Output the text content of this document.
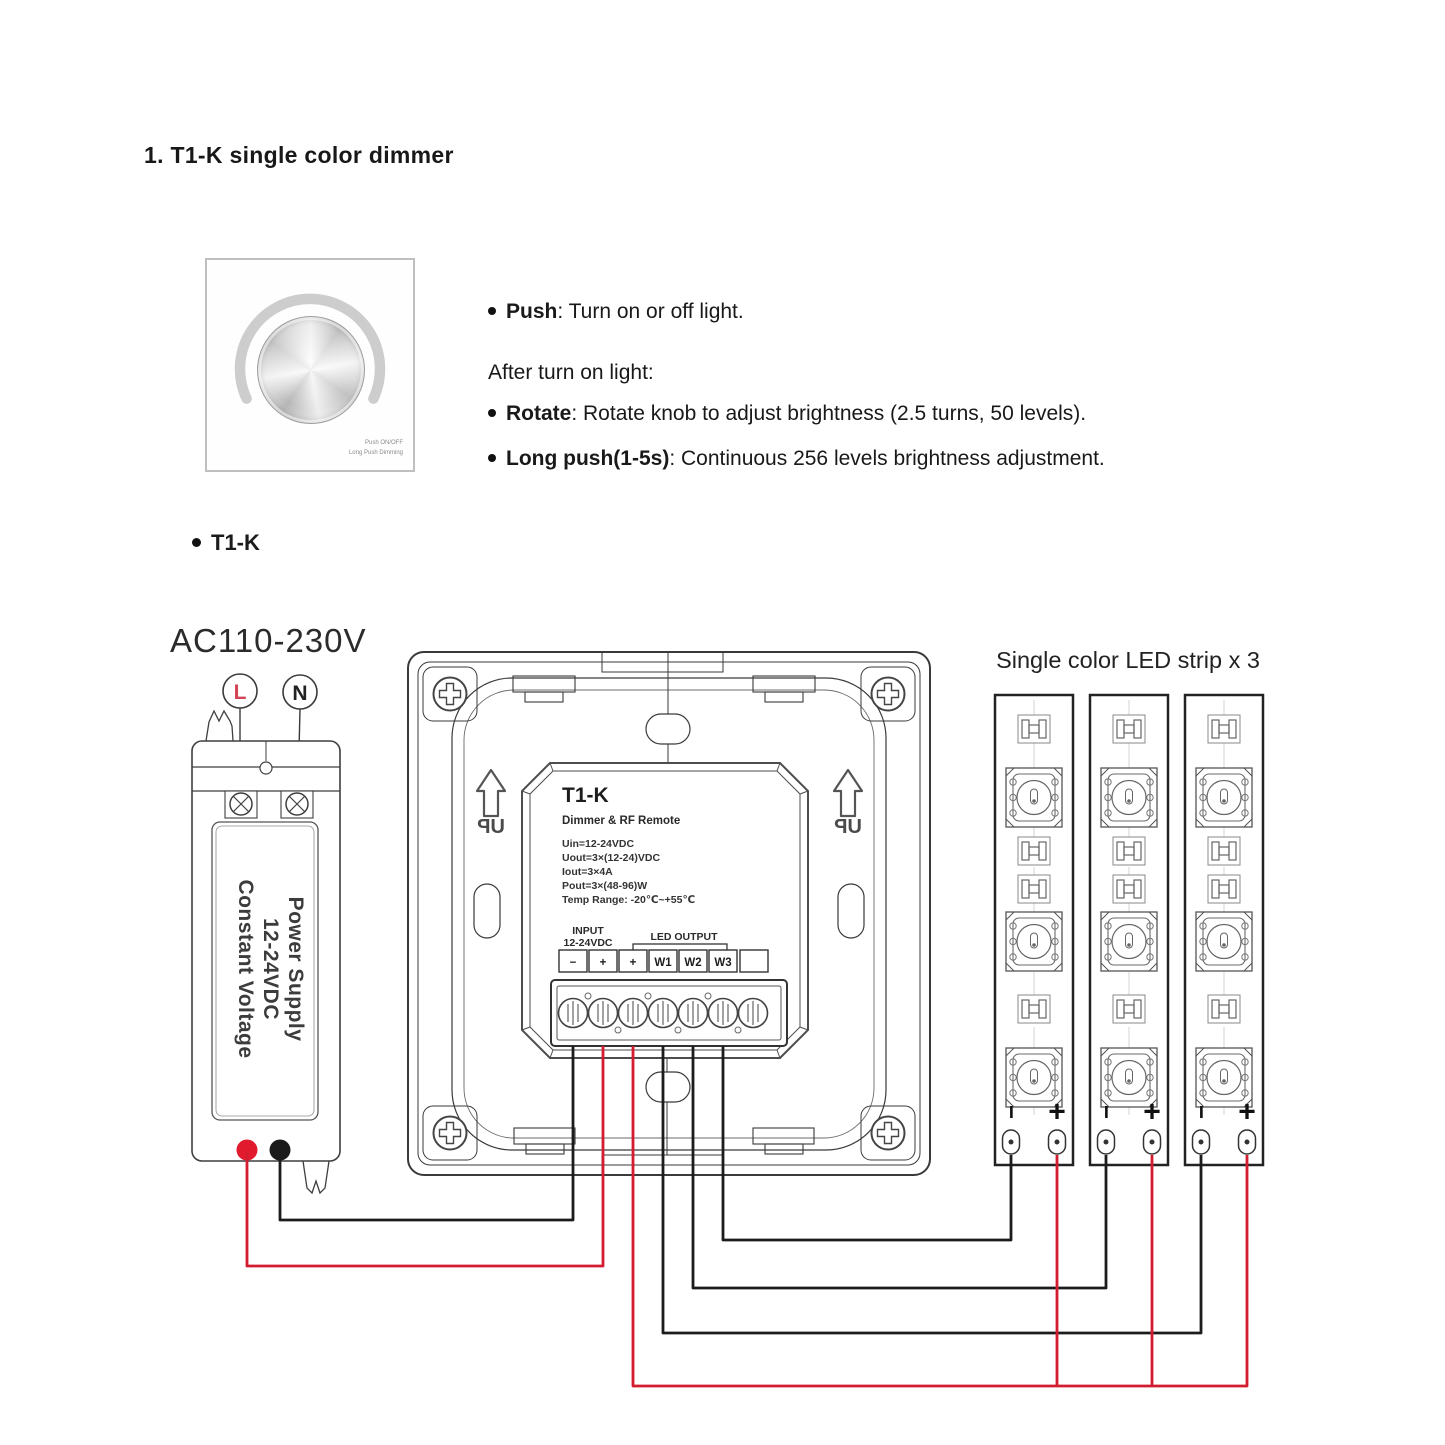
1. T1-K single color dimmer
Push ON/OFF
Long Push Dimming
Push: Turn on or off light.
After turn on light:
Rotate: Rotate knob to adjust brightness (2.5 turns, 50 levels).
Long push(1-5s): Continuous 256 levels brightness adjustment.
T1-K
AC110-230V
L N
Power Supply
12-24VDC
Constant Voltage
UP	UP
T1-K
Dimmer & RF Remote
Uin=12-24VDC
Uout=3×(12-24)VDC
Iout=3×4A
Pout=3×(48-96)W
Temp Range: -20℃~+55℃
INPUT
12-24VDC	LED OUTPUT
− + + W1 W2 W3
Single color LED strip x 3
